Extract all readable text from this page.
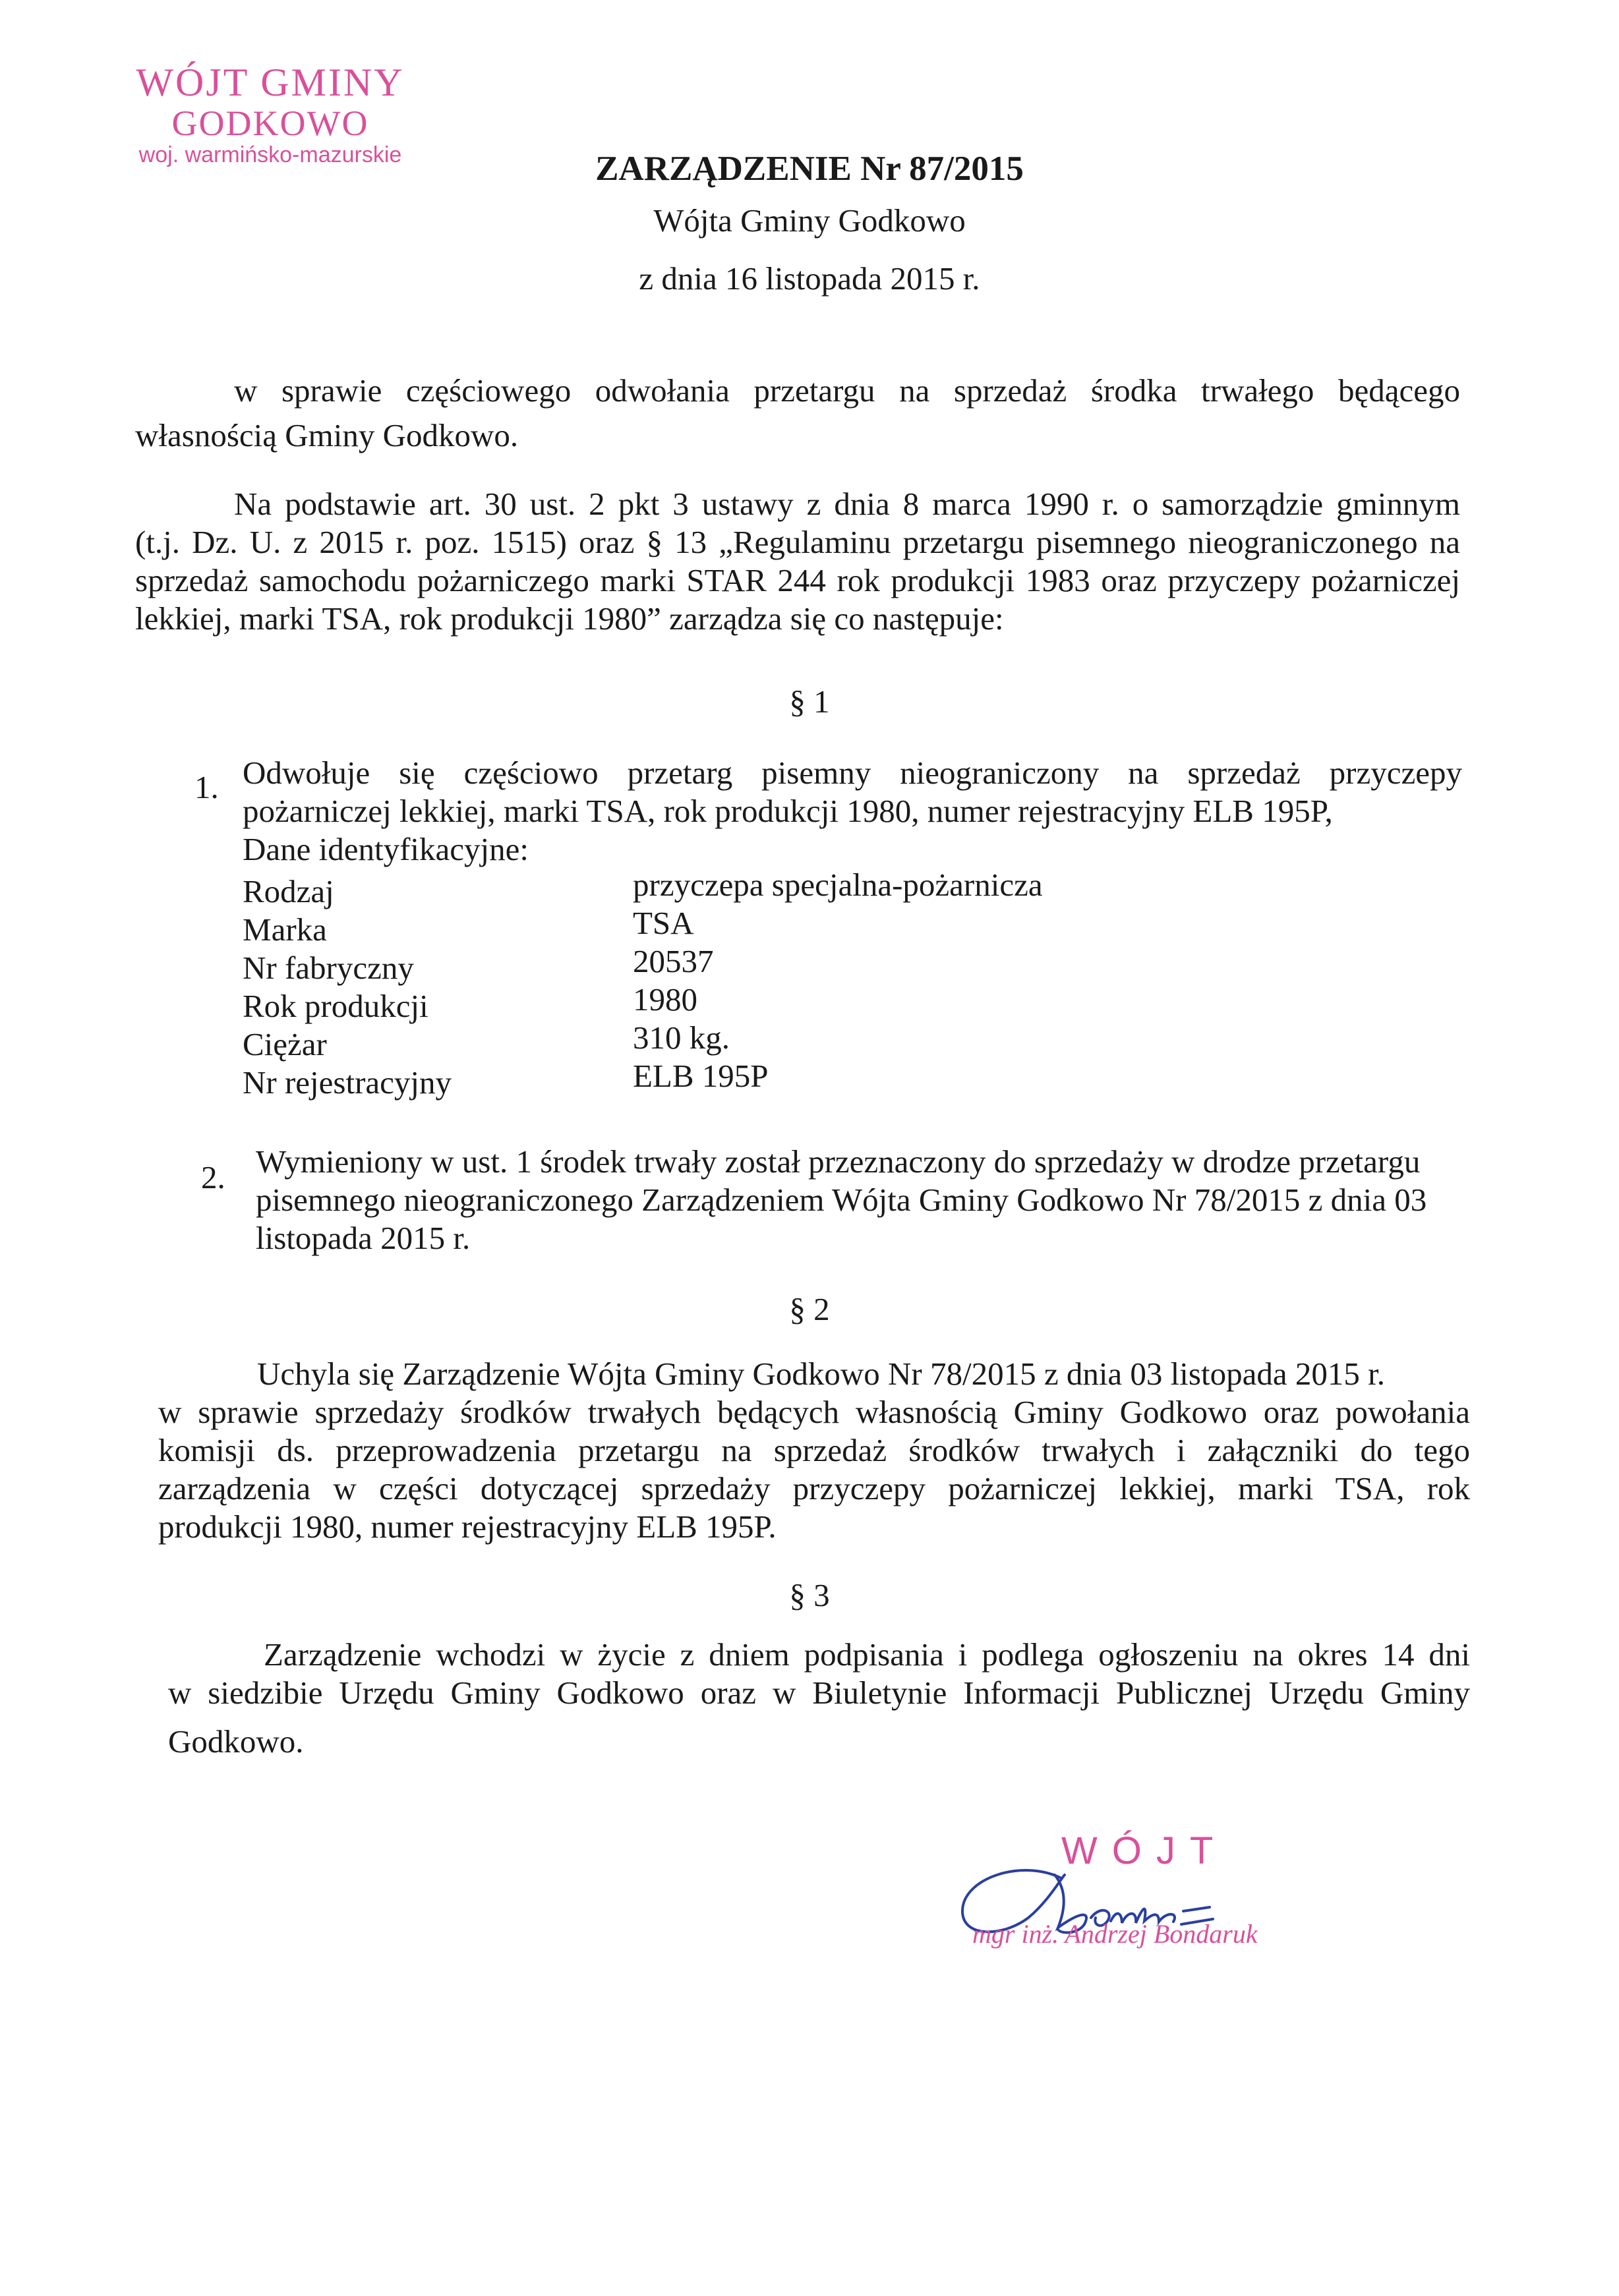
WÓJT GMINY
GODKOWO
woj. warmińsko-mazurskie	ZARZĄDZENIE Nr 87/2015
Wójta Gminy Godkowo
z dnia 16 listopada 2015 r.
w sprawie częściowego odwołania przetargu na sprzedaż środka trwałego będącego
własnością Gminy Godkowo.
Na podstawie art. 30 ust. 2 pkt 3 ustawy z dnia 8 marca 1990 r. o samorządzie gminnym
(t.j. Dz. U. z 2015 r. poz. 1515) oraz § 13 „Regulaminu przetargu pisemnego nieograniczonego na
sprzedaż samochodu pożarniczego marki STAR 244 rok produkcji 1983 oraz przyczepy pożarniczej
lekkiej, marki TSA, rok produkcji 1980” zarządza się co następuje:
§ 1
1. Odwołuje się częściowo przetarg pisemny nieograniczony na sprzedaż przyczepy
pożarniczej lekkiej, marki TSA, rok produkcji 1980, numer rejestracyjny ELB 195P,
Dane identyfikacyjne:
Rodzaj	przyczepa specjalna-pożarnicza
Marka	TSA
Nr fabryczny	20537
Rok produkcji	1980
Ciężar	310 kg.
Nr rejestracyjny	ELB 195P
2. Wymieniony w ust. 1 środek trwały został przeznaczony do sprzedaży w drodze przetargu
pisemnego nieograniczonego Zarządzeniem Wójta Gminy Godkowo Nr 78/2015 z dnia 03
listopada 2015 r.
§ 2
Uchyla się Zarządzenie Wójta Gminy Godkowo Nr 78/2015 z dnia 03 listopada 2015 r.
w sprawie sprzedaży środków trwałych będących własnością Gminy Godkowo oraz powołania
komisji ds. przeprowadzenia przetargu na sprzedaż środków trwałych i załączniki do tego
zarządzenia w części dotyczącej sprzedaży przyczepy pożarniczej lekkiej, marki TSA, rok
produkcji 1980, numer rejestracyjny ELB 195P.
§ 3
Zarządzenie wchodzi w życie z dniem podpisania i podlega ogłoszeniu na okres 14 dni
w siedzibie Urzędu Gminy Godkowo oraz w Biuletynie Informacji Publicznej Urzędu Gminy
Godkowo.
WÓJT
mgr inż. Andrzej Bondaruk
